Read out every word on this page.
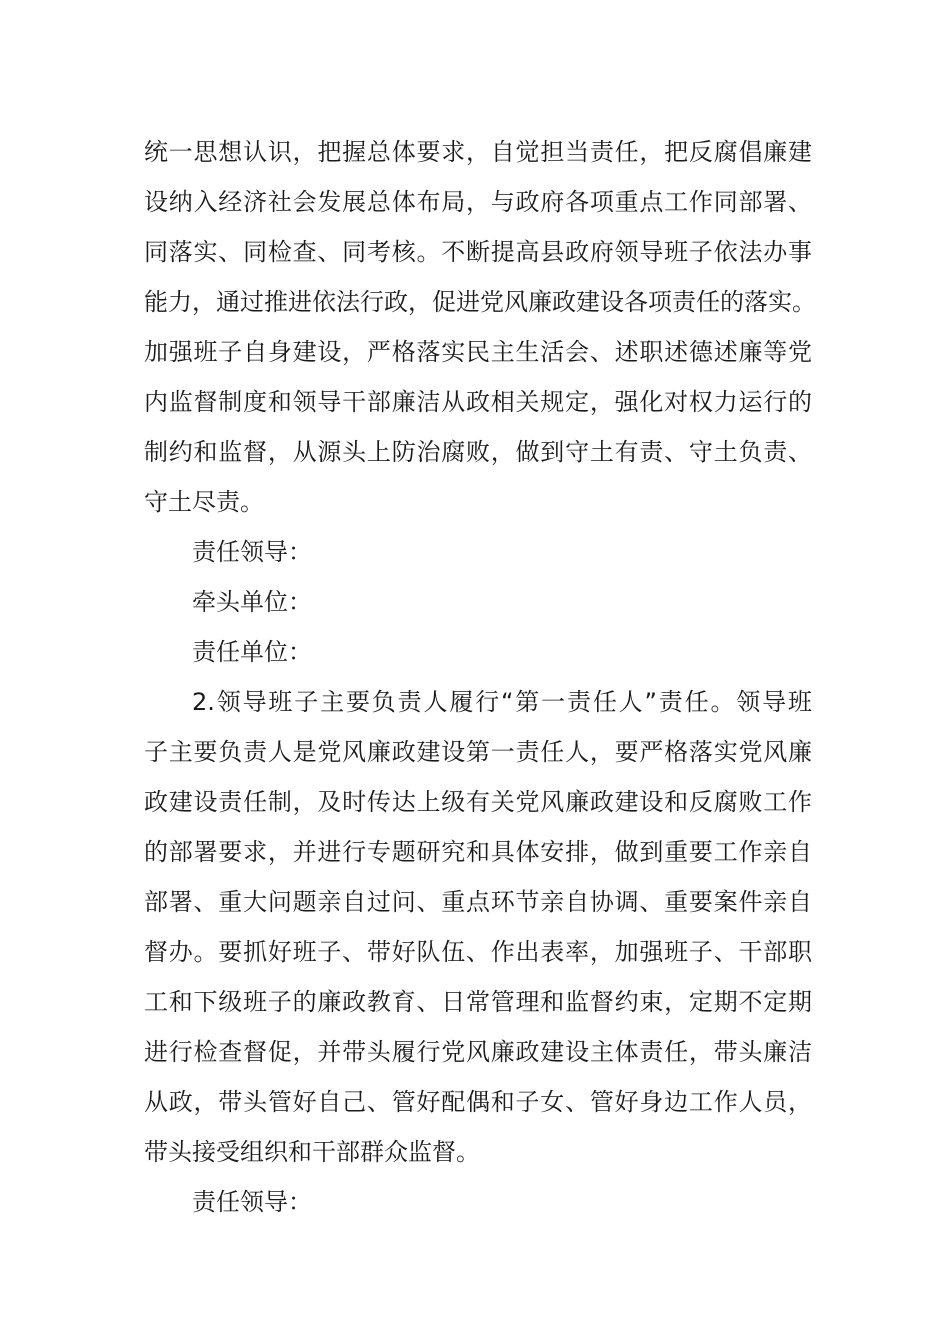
统一思想认识，把握总体要求，自觉担当责任，把反腐倡廉建
设纳入经济社会发展总体布局，与政府各项重点工作同部署、
同落实、同检查、同考核。不断提高县政府领导班子依法办事
能力，通过推进依法行政，促进党风廉政建设各项责任的落实。
加强班子自身建设，严格落实民主生活会、述职述德述廉等党
内监督制度和领导干部廉洁从政相关规定，强化对权力运行的
制约和监督，从源头上防治腐败，做到守土有责、守土负责、
守土尽责。
责任领导：
牵头单位：
责任单位：
2.领导班子主要负责人履行“第一责任人”责任。领导班
子主要负责人是党风廉政建设第一责任人，要严格落实党风廉
政建设责任制，及时传达上级有关党风廉政建设和反腐败工作
的部署要求，并进行专题研究和具体安排，做到重要工作亲自
部署、重大问题亲自过问、重点环节亲自协调、重要案件亲自
督办。要抓好班子、带好队伍、作出表率，加强班子、干部职
工和下级班子的廉政教育、日常管理和监督约束，定期不定期
进行检查督促，并带头履行党风廉政建设主体责任，带头廉洁
从政，带头管好自己、管好配偶和子女、管好身边工作人员，
带头接受组织和干部群众监督。
责任领导：
